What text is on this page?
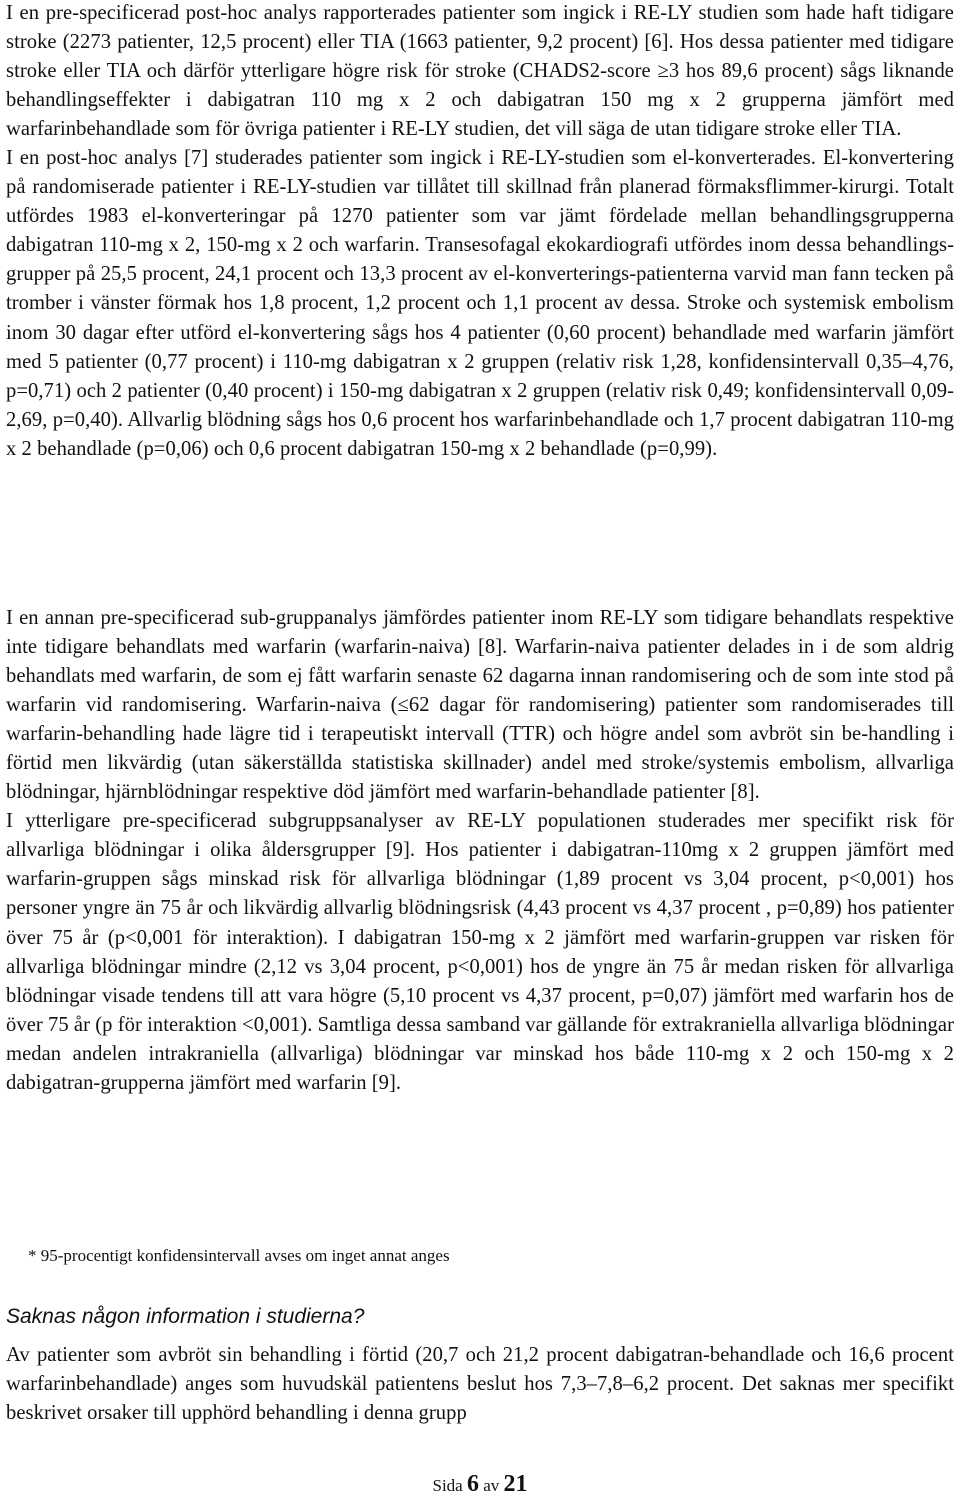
I en pre-specificerad post-hoc analys rapporterades patienter som ingick i RE-LY studien som hade haft tidigare stroke (2273 patienter, 12,5 procent) eller TIA (1663 patienter, 9,2 procent) [6]. Hos dessa patienter med tidigare stroke eller TIA och därför ytterligare högre risk för stroke (CHADS2-score ≥3 hos 89,6 procent) sågs liknande behandlingseffekter i dabigatran 110 mg x 2 och dabigatran 150 mg x 2 grupperna jämfört med warfarinbehandlade som för övriga patienter i RE-LY studien, det vill säga de utan tidigare stroke eller TIA.
I en post-hoc analys [7] studerades patienter som ingick i RE-LY-studien som el-konverterades. El-konvertering på randomiserade patienter i RE-LY-studien var tillåtet till skillnad från planerad förmaksflimmer-kirurgi. Totalt utfördes 1983 el-konverteringar på 1270 patienter som var jämt fördelade mellan behandlingsgrupperna dabigatran 110-mg x 2, 150-mg x 2 och warfarin. Transesofagal ekokardiografi utfördes inom dessa behandlings-grupper på 25,5 procent, 24,1 procent och 13,3 procent av el-konverterings-patienterna varvid man fann tecken på tromber i vänster förmak hos 1,8 procent, 1,2 procent och 1,1 procent av dessa. Stroke och systemisk embolism inom 30 dagar efter utförd el-konvertering sågs hos 4 patienter (0,60 procent) behandlade med warfarin jämfört med 5 patienter (0,77 procent) i 110-mg dabigatran x 2 gruppen (relativ risk 1,28, konfidensintervall 0,35–4,76, p=0,71) och 2 patienter (0,40 procent) i 150-mg dabigatran x 2 gruppen (relativ risk 0,49; konfidensintervall 0,09-2,69, p=0,40). Allvarlig blödning sågs hos 0,6 procent hos warfarinbehandlade och 1,7 procent dabigatran 110-mg x 2 behandlade (p=0,06) och 0,6 procent dabigatran 150-mg x 2 behandlade (p=0,99).
I en annan pre-specificerad sub-gruppanalys jämfördes patienter inom RE-LY som tidigare behandlats respektive inte tidigare behandlats med warfarin (warfarin-naiva) [8]. Warfarin-naiva patienter delades in i de som aldrig behandlats med warfarin, de som ej fått warfarin senaste 62 dagarna innan randomisering och de som inte stod på warfarin vid randomisering. Warfarin-naiva (≤62 dagar för randomisering) patienter som randomiserades till warfarin-behandling hade lägre tid i terapeutiskt intervall (TTR) och högre andel som avbröt sin be-handling i förtid men likvärdig (utan säkerställda statistiska skillnader) andel med stroke/systemis embolism, allvarliga blödningar, hjärnblödningar respektive död jämfört med warfarin-behandlade patienter [8].
I ytterligare pre-specificerad subgruppsanalyser av RE-LY populationen studerades mer specifikt risk för allvarliga blödningar i olika åldersgrupper [9]. Hos patienter i dabigatran-110mg x 2 gruppen jämfört med warfarin-gruppen sågs minskad risk för allvarliga blödningar (1,89 procent vs 3,04 procent, p<0,001) hos personer yngre än 75 år och likvärdig allvarlig blödningsrisk (4,43 procent vs 4,37 procent , p=0,89) hos patienter över 75 år (p<0,001 för interaktion). I dabigatran 150-mg x 2 jämfört med warfarin-gruppen var risken för allvarliga blödningar mindre (2,12 vs 3,04 procent, p<0,001) hos de yngre än 75 år medan risken för allvarliga blödningar visade tendens till att vara högre (5,10 procent vs 4,37 procent, p=0,07) jämfört med warfarin hos de över 75 år (p för interaktion <0,001). Samtliga dessa samband var gällande för extrakraniella allvarliga blödningar medan andelen intrakraniella (allvarliga) blödningar var minskad hos både 110-mg x 2 och 150-mg x 2 dabigatran-grupperna jämfört med warfarin [9].

* 95-procentigt konfidensintervall avses om inget annat anges

Saknas någon information i studierna?
Av patienter som avbröt sin behandling i förtid (20,7 och 21,2 procent dabigatran-behandlade och 16,6 procent warfarinbehandlade) anges som huvudskäl patientens beslut hos 7,3–7,8–6,2 procent. Det saknas mer specifikt beskrivet orsaker till upphörd behandling i denna grupp
Sida 6 av 21
